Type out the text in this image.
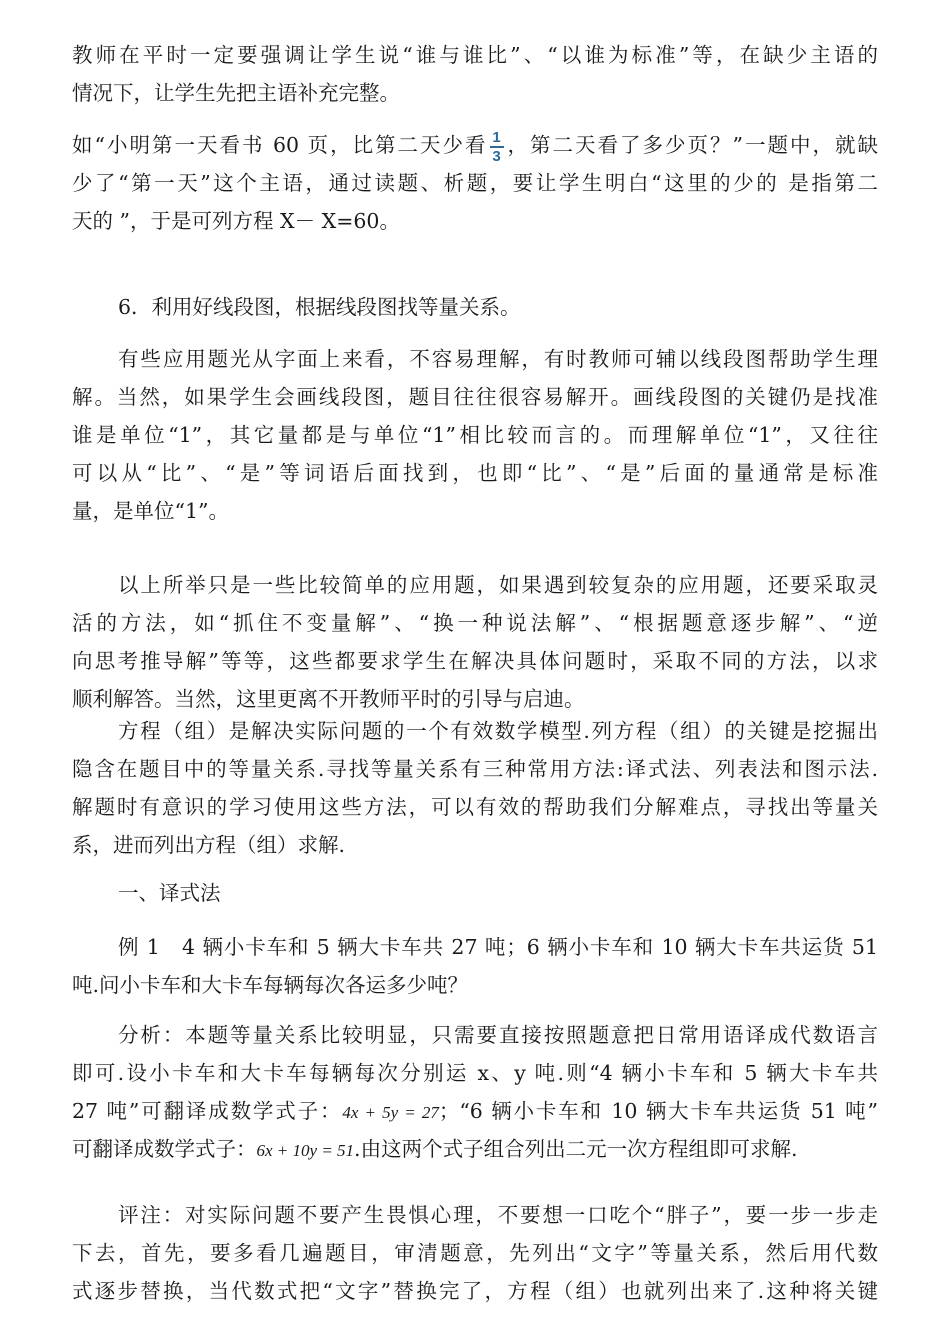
教师在平时一定要强调让学生说“谁与谁比”、“以谁为标准”等，在缺少主语的
情况下，让学生先把主语补充完整。
如“小明第一天看书 60 页，比第二天少看 $\frac{1}{3}$ ，第二天看了多少页？”一题中，就缺
少了“第一天”这个主语，通过读题、析题，要让学生明白“这里的少的 是指第二
天的 ”，于是可列方程 X－ X=60。
6．利用好线段图，根据线段图找等量关系。
有些应用题光从字面上来看，不容易理解，有时教师可辅以线段图帮助学生理
解。当然，如果学生会画线段图，题目往往很容易解开。画线段图的关键仍是找准
谁是单位“1”，其它量都是与单位“1”相比较而言的。而理解单位“1”，又往往
可以从“比”、“是”等词语后面找到，也即“比”、“是”后面的量通常是标准
量，是单位“1”。
以上所举只是一些比较简单的应用题，如果遇到较复杂的应用题，还要采取灵
活的方法，如“抓住不变量解”、“换一种说法解”、“根据题意逐步解”、“逆
向思考推导解”等等，这些都要求学生在解决具体问题时，采取不同的方法，以求
顺利解答。当然，这里更离不开教师平时的引导与启迪。
方程（组）是解决实际问题的一个有效数学模型.列方程（组）的关键是挖掘出
隐含在题目中的等量关系.寻找等量关系有三种常用方法:译式法、列表法和图示法.
解题时有意识的学习使用这些方法，可以有效的帮助我们分解难点，寻找出等量关
系，进而列出方程（组）求解.
一、译式法
例 1　4 辆小卡车和 5 辆大卡车共 27 吨；6 辆小卡车和 10 辆大卡车共运货 51
吨.问小卡车和大卡车每辆每次各运多少吨？
分析：本题等量关系比较明显，只需要直接按照题意把日常用语译成代数语言
即可.设小卡车和大卡车每辆每次分别运 x、y 吨.则“4 辆小卡车和 5 辆大卡车共
27 吨”可翻译成数学式子：4x + 5y = 27；“6 辆小卡车和 10 辆大卡车共运货 51 吨”
可翻译成数学式子：6x + 10y = 51.由这两个式子组合列出二元一次方程组即可求解.
评注：对实际问题不要产生畏惧心理，不要想一口吃个“胖子”，要一步一步走
下去，首先，要多看几遍题目，审清题意，先列出“文字”等量关系，然后用代数
式逐步替换，当代数式把“文字”替换完了，方程（组）也就列出来了.这种将关键
